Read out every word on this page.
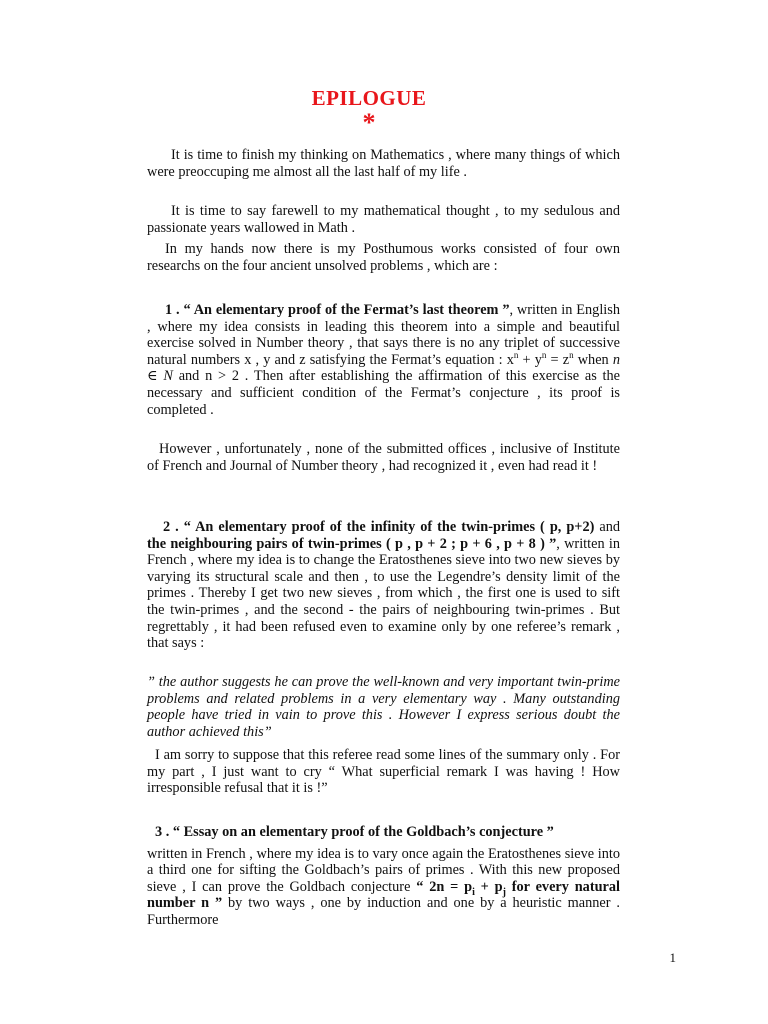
EPILOGUE
*

It is time to finish my thinking on Mathematics , where many things of which were preoccuping me almost all the last half of my life .

It is time to say farewell to my mathematical thought , to my sedulous and passionate years wallowed in Math .

In my hands now there is my Posthumous works consisted of four own researchs on the four ancient unsolved problems , which are :

1 . “ An elementary proof of the Fermat’s last theorem ”, written in English , where my idea consists in leading this theorem into a simple and beautiful exercise solved in Number theory , that says there is no any triplet of successive natural numbers x , y and z satisfying the Fermat’s equation : $x^n + y^n = z^n$ when n ∈ N and n > 2 . Then after establishing the affirmation of this exercise as the necessary and sufficient condition of the Fermat’s conjecture , its proof is completed .

However , unfortunately , none of the submitted offices , inclusive of Institute of French and Journal of Number theory , had recognized it , even had read it !

2 . “ An elementary proof of the infinity of the twin-primes ( p, p+2) and the neighbouring pairs of twin-primes ( p , p + 2 ; p + 6 , p + 8 ) ”, written in French , where my idea is to change the Eratosthenes sieve into two new sieves by varying its structural scale and then , to use the Legendre’s density limit of the primes . Thereby I get two new sieves , from which , the first one is used to sift the twin-primes , and the second - the pairs of neighbouring twin-primes . But regrettably , it had been refused even to examine only by one referee’s remark , that says :

” the author suggests he can prove the well-known and very important twin-prime problems and related problems in a very elementary way . Many outstanding people have tried in vain to prove this . However I express serious doubt the author achieved this”

I am sorry to suppose that this referee read some lines of the summary only . For my part , I just want to cry “ What superficial remark I was having ! How irresponsible refusal that it is !”

3 . “ Essay on an elementary proof of the Goldbach’s conjecture ”

written in French , where my idea is to vary once again the Eratosthenes sieve into a third one for sifting the Goldbach’s pairs of primes . With this new proposed sieve , I can prove the Goldbach conjecture “ $2n = p_i + p_j$ for every natural number n ” by two ways , one by induction and one by a heuristic manner . Furthermore

1
